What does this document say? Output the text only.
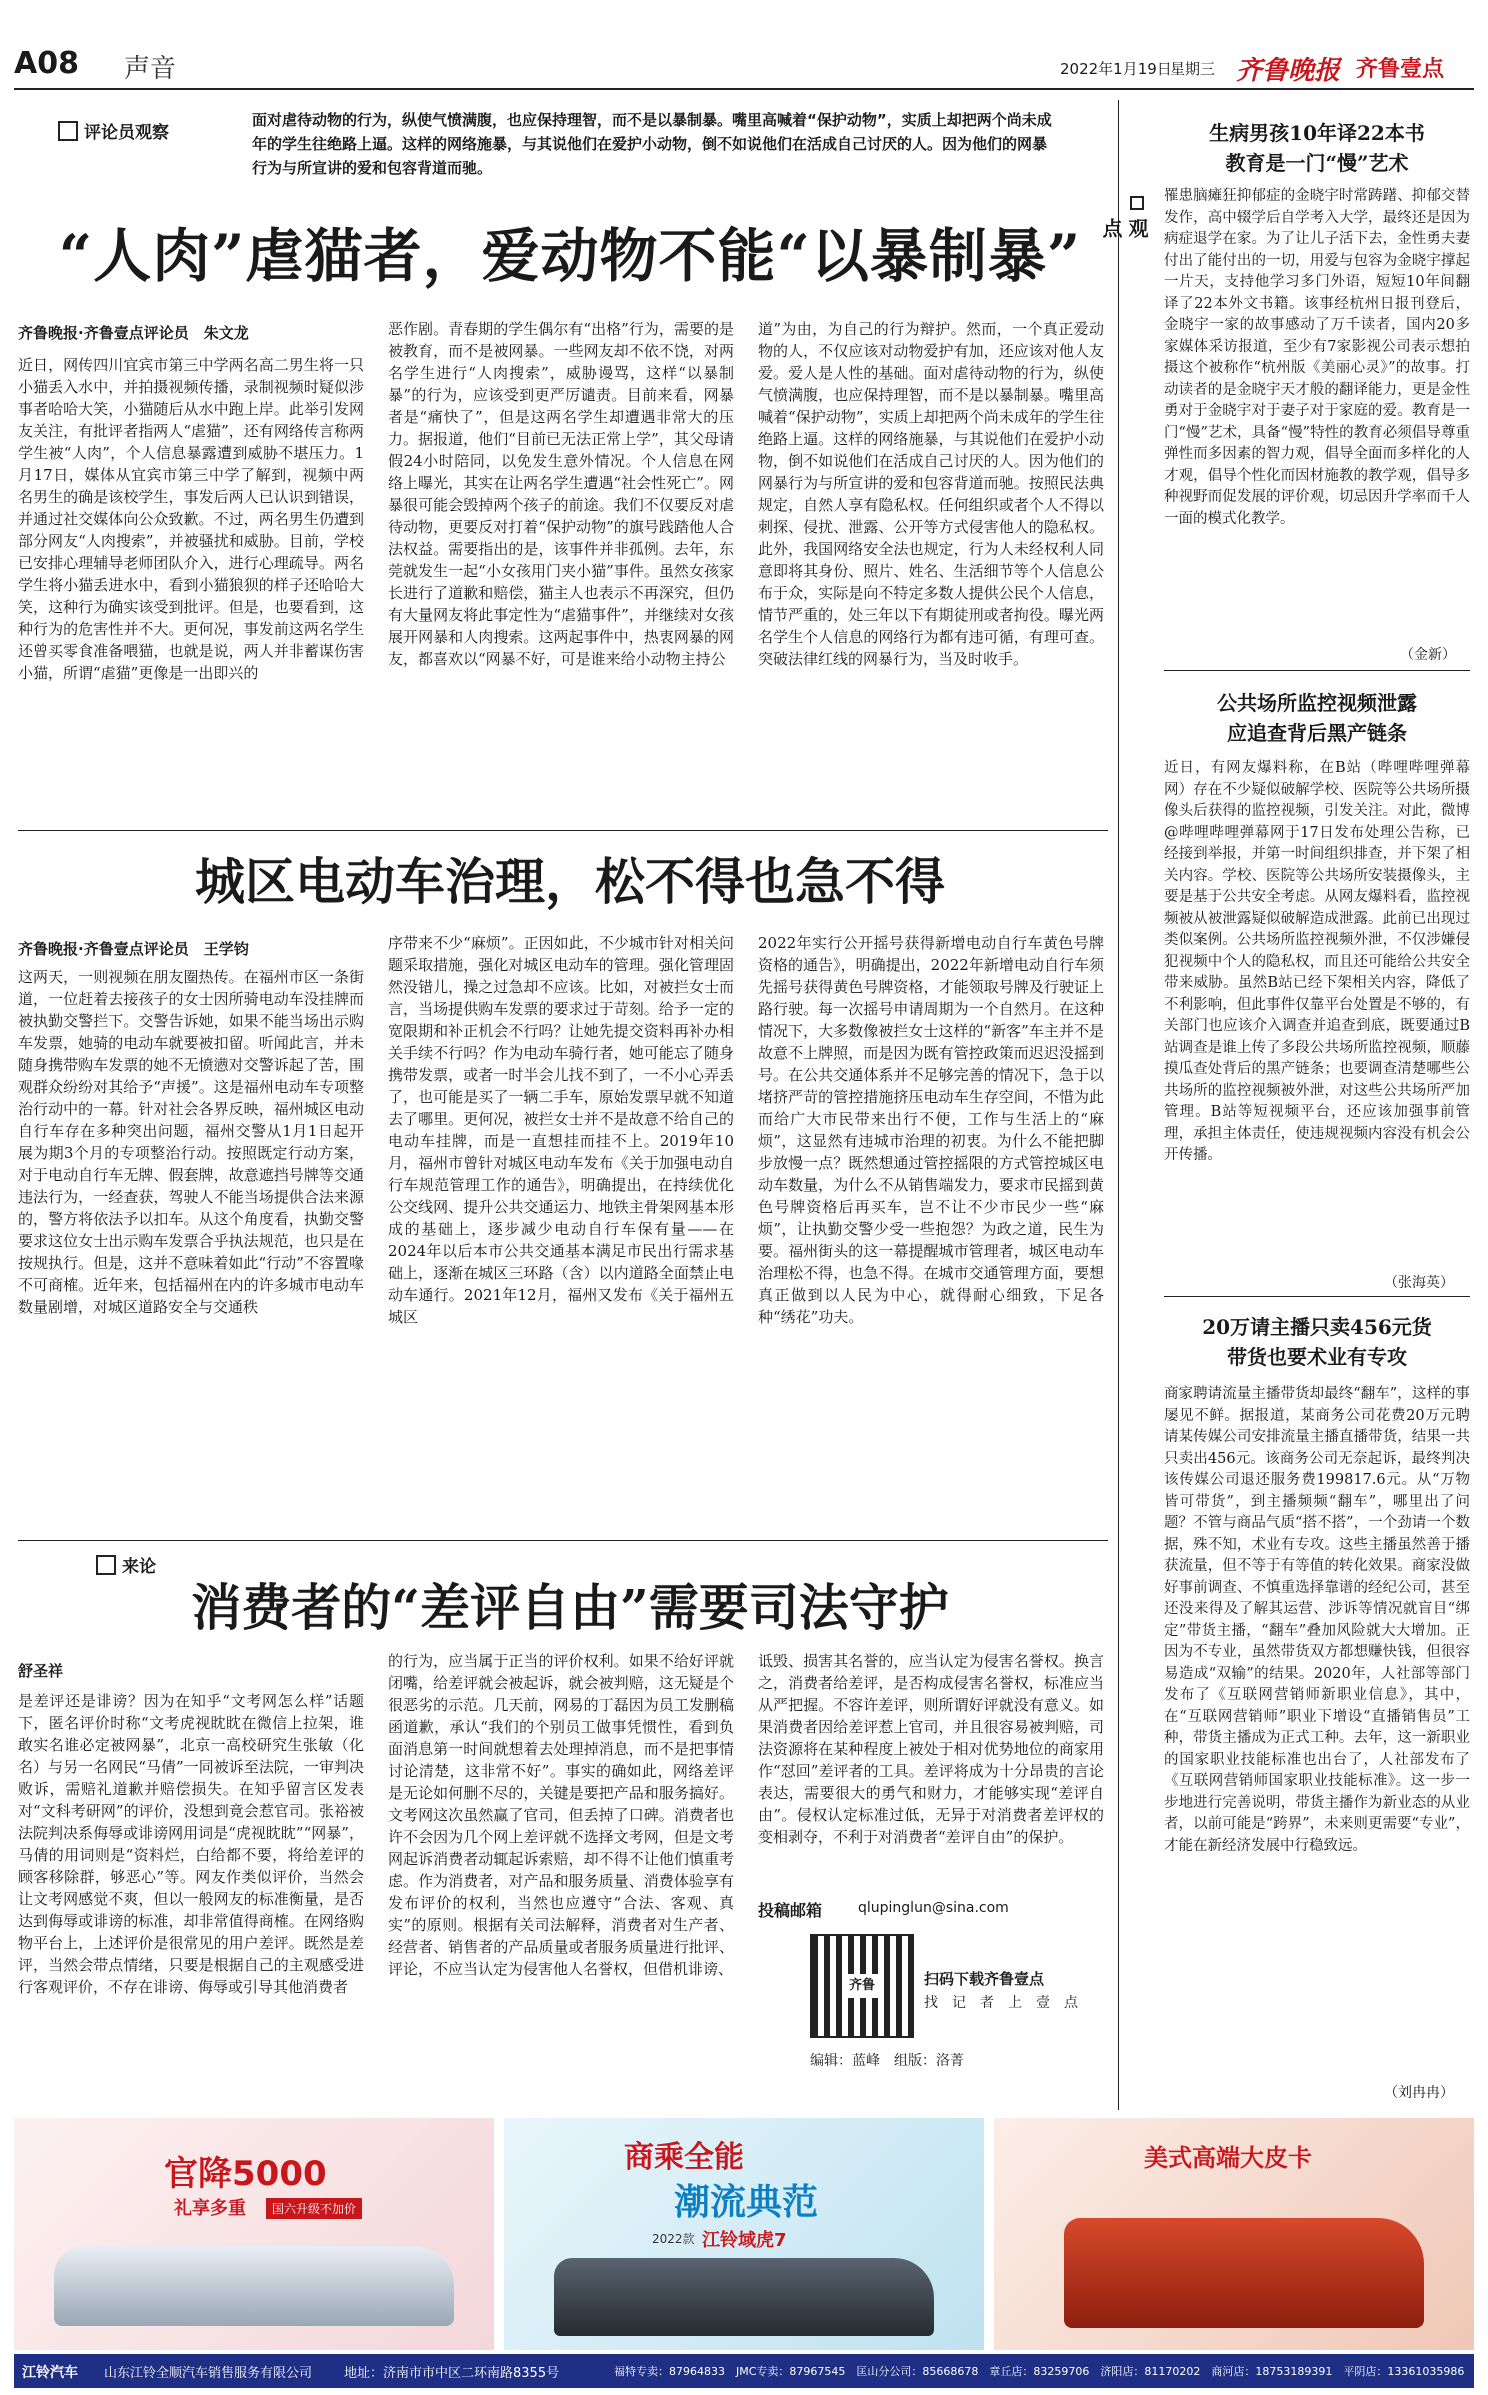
A08 声音	2022年1月19日
星期三 齐鲁晚报 齐鲁壹点
评论员观察
面对虐待动物的行为，纵使气愤满腹，也应保持理智，而不是以暴制暴。嘴里高喊着“保护动物”，实质上却把两个尚未成年的学生往绝路上逼。这样的网络施暴，与其说他们在爱护小动物，倒不如说他们在活成自己讨厌的人。因为他们的网暴行为与所宣讲的爱和包容背道而驰。
“人肉”虐猫者，爱动物不能“以暴制暴”
齐鲁晚报·齐鲁壹点评论员　朱文龙
近日，网传四川宜宾市第三中学两名高二男生将一只小猫丢入水中，并拍摄视频传播，录制视频时疑似涉事者哈哈大笑，小猫随后从水中跑上岸。此举引发网友关注，有批评者指两人“虐猫”，还有网络传言称两学生被“人肉”，个人信息暴露遭到威胁不堪压力。1月17日，媒体从宜宾市第三中学了解到，视频中两名男生的确是该校学生，事发后两人已认识到错误，并通过社交媒体向公众致歉。不过，两名男生仍遭到部分网友“人肉搜索”，并被骚扰和威胁。目前，学校已安排心理辅导老师团队介入，进行心理疏导。两名学生将小猫丢进水中，看到小猫狼狈的样子还哈哈大笑，这种行为确实该受到批评。但是，也要看到，这种行为的危害性并不大。更何况，事发前这两名学生还曾买零食准备喂猫，也就是说，两人并非蓄谋伤害小猫，所谓“虐猫”更像是一出即兴的
恶作剧。青春期的学生偶尔有“出格”行为，需要的是被教育，而不是被网暴。一些网友却不依不饶，对两名学生进行“人肉搜索”，威胁谩骂，这样“以暴制暴”的行为，应该受到更严厉谴责。目前来看，网暴者是“痛快了”，但是这两名学生却遭遇非常大的压力。据报道，他们“目前已无法正常上学”，其父母请假24小时陪同，以免发生意外情况。个人信息在网络上曝光，其实在让两名学生遭遇“社会性死亡”。网暴很可能会毁掉两个孩子的前途。我们不仅要反对虐待动物，更要反对打着“保护动物”的旗号践踏他人合法权益。需要指出的是，该事件并非孤例。去年，东莞就发生一起“小女孩用门夹小猫”事件。虽然女孩家长进行了道歉和赔偿，猫主人也表示不再深究，但仍有大量网友将此事定性为“虐猫事件”，并继续对女孩展开网暴和人肉搜索。这两起事件中，热衷网暴的网友，都喜欢以“网暴不好，可是谁来给小动物主持公
道”为由，为自己的行为辩护。然而，一个真正爱动物的人，不仅应该对动物爱护有加，还应该对他人友爱。爱人是人性的基础。面对虐待动物的行为，纵使气愤满腹，也应保持理智，而不是以暴制暴。嘴里高喊着“保护动物”，实质上却把两个尚未成年的学生往绝路上逼。这样的网络施暴，与其说他们在爱护小动物，倒不如说他们在活成自己讨厌的人。因为他们的网暴行为与所宣讲的爱和包容背道而驰。按照民法典规定，自然人享有隐私权。任何组织或者个人不得以刺探、侵扰、泄露、公开等方式侵害他人的隐私权。此外，我国网络安全法也规定，行为人未经权利人同意即将其身份、照片、姓名、生活细节等个人信息公布于众，实际是向不特定多数人提供公民个人信息，情节严重的，处三年以下有期徒刑或者拘役。曝光两名学生个人信息的网络行为都有违可循，有理可查。突破法律红线的网暴行为，当及时收手。
城区电动车治理，松不得也急不得
齐鲁晚报·齐鲁壹点评论员　王学钧
这两天，一则视频在朋友圈热传。在福州市区一条街道，一位赶着去接孩子的女士因所骑电动车没挂牌而被执勤交警拦下。交警告诉她，如果不能当场出示购车发票，她骑的电动车就要被扣留。听闻此言，并未随身携带购车发票的她不无愤懑对交警诉起了苦，围观群众纷纷对其给予“声援”。这是福州电动车专项整治行动中的一幕。针对社会各界反映，福州城区电动自行车存在多种突出问题，福州交警从1月1日起开展为期3个月的专项整治行动。按照既定行动方案，对于电动自行车无牌、假套牌，故意遮挡号牌等交通违法行为，一经查获，驾驶人不能当场提供合法来源的，警方将依法予以扣车。从这个角度看，执勤交警要求这位女士出示购车发票合乎执法规范，也只是在按规执行。但是，这并不意味着如此“行动”不容置喙不可商榷。近年来，包括福州在内的许多城市电动车数量剧增，对城区道路安全与交通秩
序带来不少“麻烦”。正因如此，不少城市针对相关问题采取措施，强化对城区电动车的管理。强化管理固然没错儿，操之过急却不应该。比如，对被拦女士而言，当场提供购车发票的要求过于苛刻。给予一定的宽限期和补正机会不行吗？让她先提交资料再补办相关手续不行吗？作为电动车骑行者，她可能忘了随身携带发票，或者一时半会儿找不到了，一不小心弄丢了，也可能是买了一辆二手车，原始发票早就不知道去了哪里。更何况，被拦女士并不是故意不给自己的电动车挂牌，而是一直想挂而挂不上。2019年10月，福州市曾针对城区电动车发布《关于加强电动自行车规范管理工作的通告》，明确提出，在持续优化公交线网、提升公共交通运力、地铁主骨架网基本形成的基础上，逐步减少电动自行车保有量——在2024年以后本市公共交通基本满足市民出行需求基础上，逐渐在城区三环路（含）以内道路全面禁止电动车通行。2021年12月，福州又发布《关于福州五城区
2022年实行公开摇号获得新增电动自行车黄色号牌资格的通告》，明确提出，2022年新增电动自行车须先摇号获得黄色号牌资格，才能领取号牌及行驶证上路行驶。每一次摇号申请周期为一个自然月。在这种情况下，大多数像被拦女士这样的“新客”车主并不是故意不上牌照，而是因为既有管控政策而迟迟没摇到号。在公共交通体系并不足够完善的情况下，急于以堵挤严苛的管控措施挤压电动车生存空间，不惜为此而给广大市民带来出行不便，工作与生活上的“麻烦”，这显然有违城市治理的初衷。为什么不能把脚步放慢一点？既然想通过管控摇限的方式管控城区电动车数量，为什么不从销售端发力，要求市民摇到黄色号牌资格后再买车，岂不让不少市民少一些“麻烦”，让执勤交警少受一些抱怨？为政之道，民生为要。福州街头的这一幕提醒城市管理者，城区电动车治理松不得，也急不得。在城市交通管理方面，要想真正做到以人民为中心，就得耐心细致，下足各种“绣花”功夫。
来论
消费者的“差评自由”需要司法守护
舒圣祥
是差评还是诽谤？因为在知乎“文考网怎么样”话题下，匿名评价时称“文考虎视眈眈在微信上拉架，谁敢实名谁必定被网暴”，北京一高校研究生张敏（化名）与另一名网民“马倩”一同被诉至法院，一审判决败诉，需赔礼道歉并赔偿损失。在知乎留言区发表对“文科考研网”的评价，没想到竟会惹官司。张裕被法院判决系侮辱或诽谤网用词是“虎视眈眈”“网暴”，马倩的用词则是“资料烂，白给都不要，将给差评的顾客移除群，够恶心”等。网友作类似评价，当然会让文考网感觉不爽，但以一般网友的标准衡量，是否达到侮辱或诽谤的标准，却非常值得商榷。在网络购物平台上，上述评价是很常见的用户差评。既然是差评，当然会带点情绪，只要是根据自己的主观感受进行客观评价，不存在诽谤、侮辱或引导其他消费者
的行为，应当属于正当的评价权利。如果不给好评就闭嘴，给差评就会被起诉，就会被判赔，这无疑是个很恶劣的示范。几天前，网易的丁磊因为员工发删稿函道歉，承认“我们的个别员工做事凭惯性，看到负面消息第一时间就想着去处理掉消息，而不是把事情讨论清楚，这非常不好”。事实的确如此，网络差评是无论如何删不尽的，关键是要把产品和服务搞好。文考网这次虽然赢了官司，但丢掉了口碑。消费者也许不会因为几个网上差评就不选择文考网，但是文考网起诉消费者动辄起诉索赔，却不得不让他们慎重考虑。作为消费者，对产品和服务质量、消费体验享有发布评价的权利，当然也应遵守“合法、客观、真实”的原则。根据有关司法解释，消费者对生产者、经营者、销售者的产品质量或者服务质量进行批评、评论，不应当认定为侵害他人名誉权，但借机诽谤、
诋毁、损害其名誉的，应当认定为侵害名誉权。换言之，消费者给差评，是否构成侵害名誉权，标准应当从严把握。不容许差评，则所谓好评就没有意义。如果消费者因给差评惹上官司，并且很容易被判赔，司法资源将在某种程度上被处于相对优势地位的商家用作“怼回”差评者的工具。差评将成为十分昂贵的言论表达，需要很大的勇气和财力，才能够实现“差评自由”。侵权认定标准过低，无异于对消费者差评权的变相剥夺，不利于对消费者“差评自由”的保护。
投稿邮箱	qlupinglun@sina.com
齐鲁	扫码下载齐鲁壹点
找　记　者　上　壹　点
编辑：蓝峰　组版：洛菁
观点
生病男孩10年译22本书
教育是一门“慢”艺术
罹患脑瘫狂抑郁症的金晓宇时常踌躇、抑郁交替发作，高中辍学后自学考入大学，最终还是因为病症退学在家。为了让儿子活下去，金性勇夫妻付出了能付出的一切，用爱与包容为金晓宇撑起一片天，支持他学习多门外语，短短10年间翻译了22本外文书籍。该事经杭州日报刊登后，金晓宇一家的故事感动了万千读者，国内20多家媒体采访报道，至少有7家影视公司表示想拍摄这个被称作“杭州版《美丽心灵》”的故事。打动读者的是金晓宇天才般的翻译能力，更是金性勇对于金晓宇对于妻子对于家庭的爱。教育是一门“慢”艺术，具备“慢”特性的教育必须倡导尊重弹性而多因素的智力观，倡导全面而多样化的人才观，倡导个性化而因材施教的教学观，倡导多种视野而促发展的评价观，切忌因升学率而千人一面的模式化教学。
（金新）
公共场所监控视频泄露
应追查背后黑产链条
近日，有网友爆料称，在B站（哔哩哔哩弹幕网）存在不少疑似破解学校、医院等公共场所摄像头后获得的监控视频，引发关注。对此，微博@哔哩哔哩弹幕网于17日发布处理公告称，已经接到举报，并第一时间组织排查，并下架了相关内容。学校、医院等公共场所安装摄像头，主要是基于公共安全考虑。从网友爆料看，监控视频被从被泄露疑似破解造成泄露。此前已出现过类似案例。公共场所监控视频外泄，不仅涉嫌侵犯视频中个人的隐私权，而且还可能给公共安全带来威胁。虽然B站已经下架相关内容，降低了不利影响，但此事件仅靠平台处置是不够的，有关部门也应该介入调查并追查到底，既要通过B站调查是谁上传了多段公共场所监控视频，顺藤摸瓜查处背后的黑产链条；也要调查清楚哪些公共场所的监控视频被外泄，对这些公共场所严加管理。B站等短视频平台，还应该加强事前管理，承担主体责任，使违规视频内容没有机会公开传播。
（张海英）
20万请主播只卖456元货
带货也要术业有专攻
商家聘请流量主播带货却最终“翻车”，这样的事屡见不鲜。据报道，某商务公司花费20万元聘请某传媒公司安排流量主播直播带货，结果一共只卖出456元。该商务公司无奈起诉，最终判决该传媒公司退还服务费199817.6元。从“万物皆可带货”，到主播频频“翻车”，哪里出了问题？不管与商品气质“搭不搭”，一个劲请一个数据，殊不知，术业有专攻。这些主播虽然善于播获流量，但不等于有等值的转化效果。商家没做好事前调查、不慎重选择靠谱的经纪公司，甚至还没来得及了解其运营、涉诉等情况就盲目“绑定”带货主播，“翻车”叠加风险就大大增加。正因为不专业，虽然带货双方都想赚快钱，但很容易造成“双输”的结果。2020年，人社部等部门发布了《互联网营销师新职业信息》，其中，在“互联网营销师”职业下增设“直播销售员”工种，带货主播成为正式工种。去年，这一新职业的国家职业技能标准也出台了，人社部发布了《互联网营销师国家职业技能标准》。这一步一步地进行完善说明，带货主播作为新业态的从业者，以前可能是“跨界”，未来则更需要“专业”，才能在新经济发展中行稳致远。
（刘冉冉）
官降5000
礼享多重	国六升级不加价
商乘全能
潮流典范
2022款 江铃域虎7
美式高端大皮卡
江铃汽车 山东江铃全顺汽车销售服务有限公司 地址：济南市市中区二环南路8355号	福特专卖：87964833　JMC专卖：87967545　匡山分公司：85668678　章丘店：83259706　济阳店：81170202　商河店：18753189391　平阴店：13361035986
